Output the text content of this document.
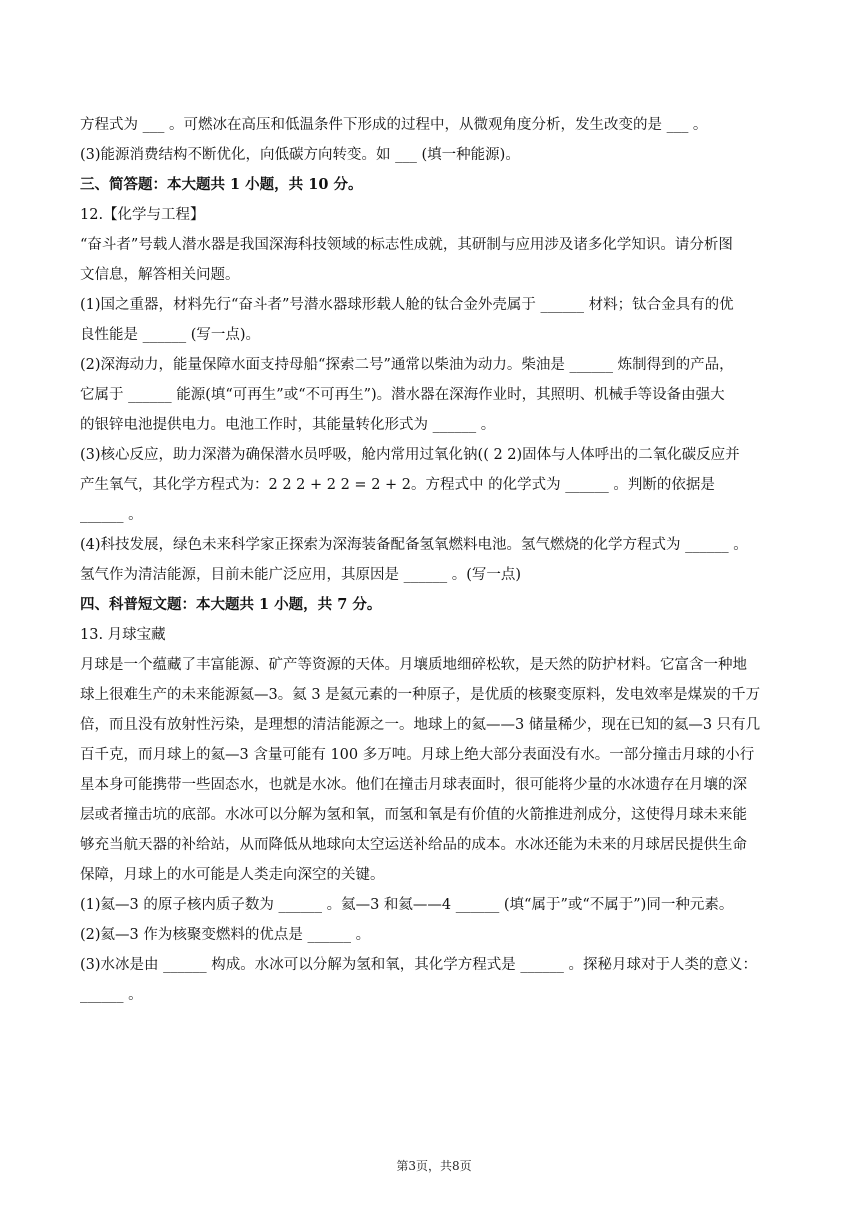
方程式为 ___ 。可燃冰在高压和低温条件下形成的过程中，从微观角度分析，发生改变的是 ___ 。
(3)能源消费结构不断优化，向低碳方向转变。如 ___ (填一种能源)。
三、简答题：本大题共 1 小题，共 10 分。
12.【化学与工程】
“奋斗者”号载人潜水器是我国深海科技领域的标志性成就，其研制与应用涉及诸多化学知识。请分析图
文信息，解答相关问题。
(1)国之重器，材料先行“奋斗者”号潜水器球形载人舱的钛合金外壳属于 ______ 材料；钛合金具有的优
良性能是 ______ (写一点)。
(2)深海动力，能量保障水面支持母船“探索二号”通常以柴油为动力。柴油是 ______ 炼制得到的产品，
它属于 ______ 能源(填“可再生”或“不可再生”)。潜水器在深海作业时，其照明、机械手等设备由强大
的银锌电池提供电力。电池工作时，其能量转化形式为 ______ 。
(3)核心反应，助力深潜为确保潜水员呼吸，舱内常用过氧化钠(( 2 2)固体与人体呼出的二氧化碳反应并
产生氧气，其化学方程式为：2 2 2 + 2 2 = 2 + 2。方程式中 的化学式为 ______ 。判断的依据是
______ 。
(4)科技发展，绿色未来科学家正探索为深海装备配备氢氧燃料电池。氢气燃烧的化学方程式为 ______ 。
氢气作为清洁能源，目前未能广泛应用，其原因是 ______ 。(写一点)
四、科普短文题：本大题共 1 小题，共 7 分。
13. 月球宝藏
月球是一个蕴藏了丰富能源、矿产等资源的天体。月壤质地细碎松软，是天然的防护材料。它富含一种地
球上很难生产的未来能源氦—3。氦 3 是氦元素的一种原子，是优质的核聚变原料，发电效率是煤炭的千万
倍，而且没有放射性污染，是理想的清洁能源之一。地球上的氦——3 储量稀少，现在已知的氦—3 只有几
百千克，而月球上的氦—3 含量可能有 100 多万吨。月球上绝大部分表面没有水。一部分撞击月球的小行
星本身可能携带一些固态水，也就是水冰。他们在撞击月球表面时，很可能将少量的水冰遗存在月壤的深
层或者撞击坑的底部。水冰可以分解为氢和氧，而氢和氧是有价值的火箭推进剂成分，这使得月球未来能
够充当航天器的补给站，从而降低从地球向太空运送补给品的成本。水冰还能为未来的月球居民提供生命
保障，月球上的水可能是人类走向深空的关键。
(1)氦—3 的原子核内质子数为 ______ 。氦—3 和氦——4 ______ (填“属于”或“不属于”)同一种元素。
(2)氦—3 作为核聚变燃料的优点是 ______ 。
(3)水冰是由 ______ 构成。水冰可以分解为氢和氧，其化学方程式是 ______ 。探秘月球对于人类的意义：
______ 。
第3页，共8页
